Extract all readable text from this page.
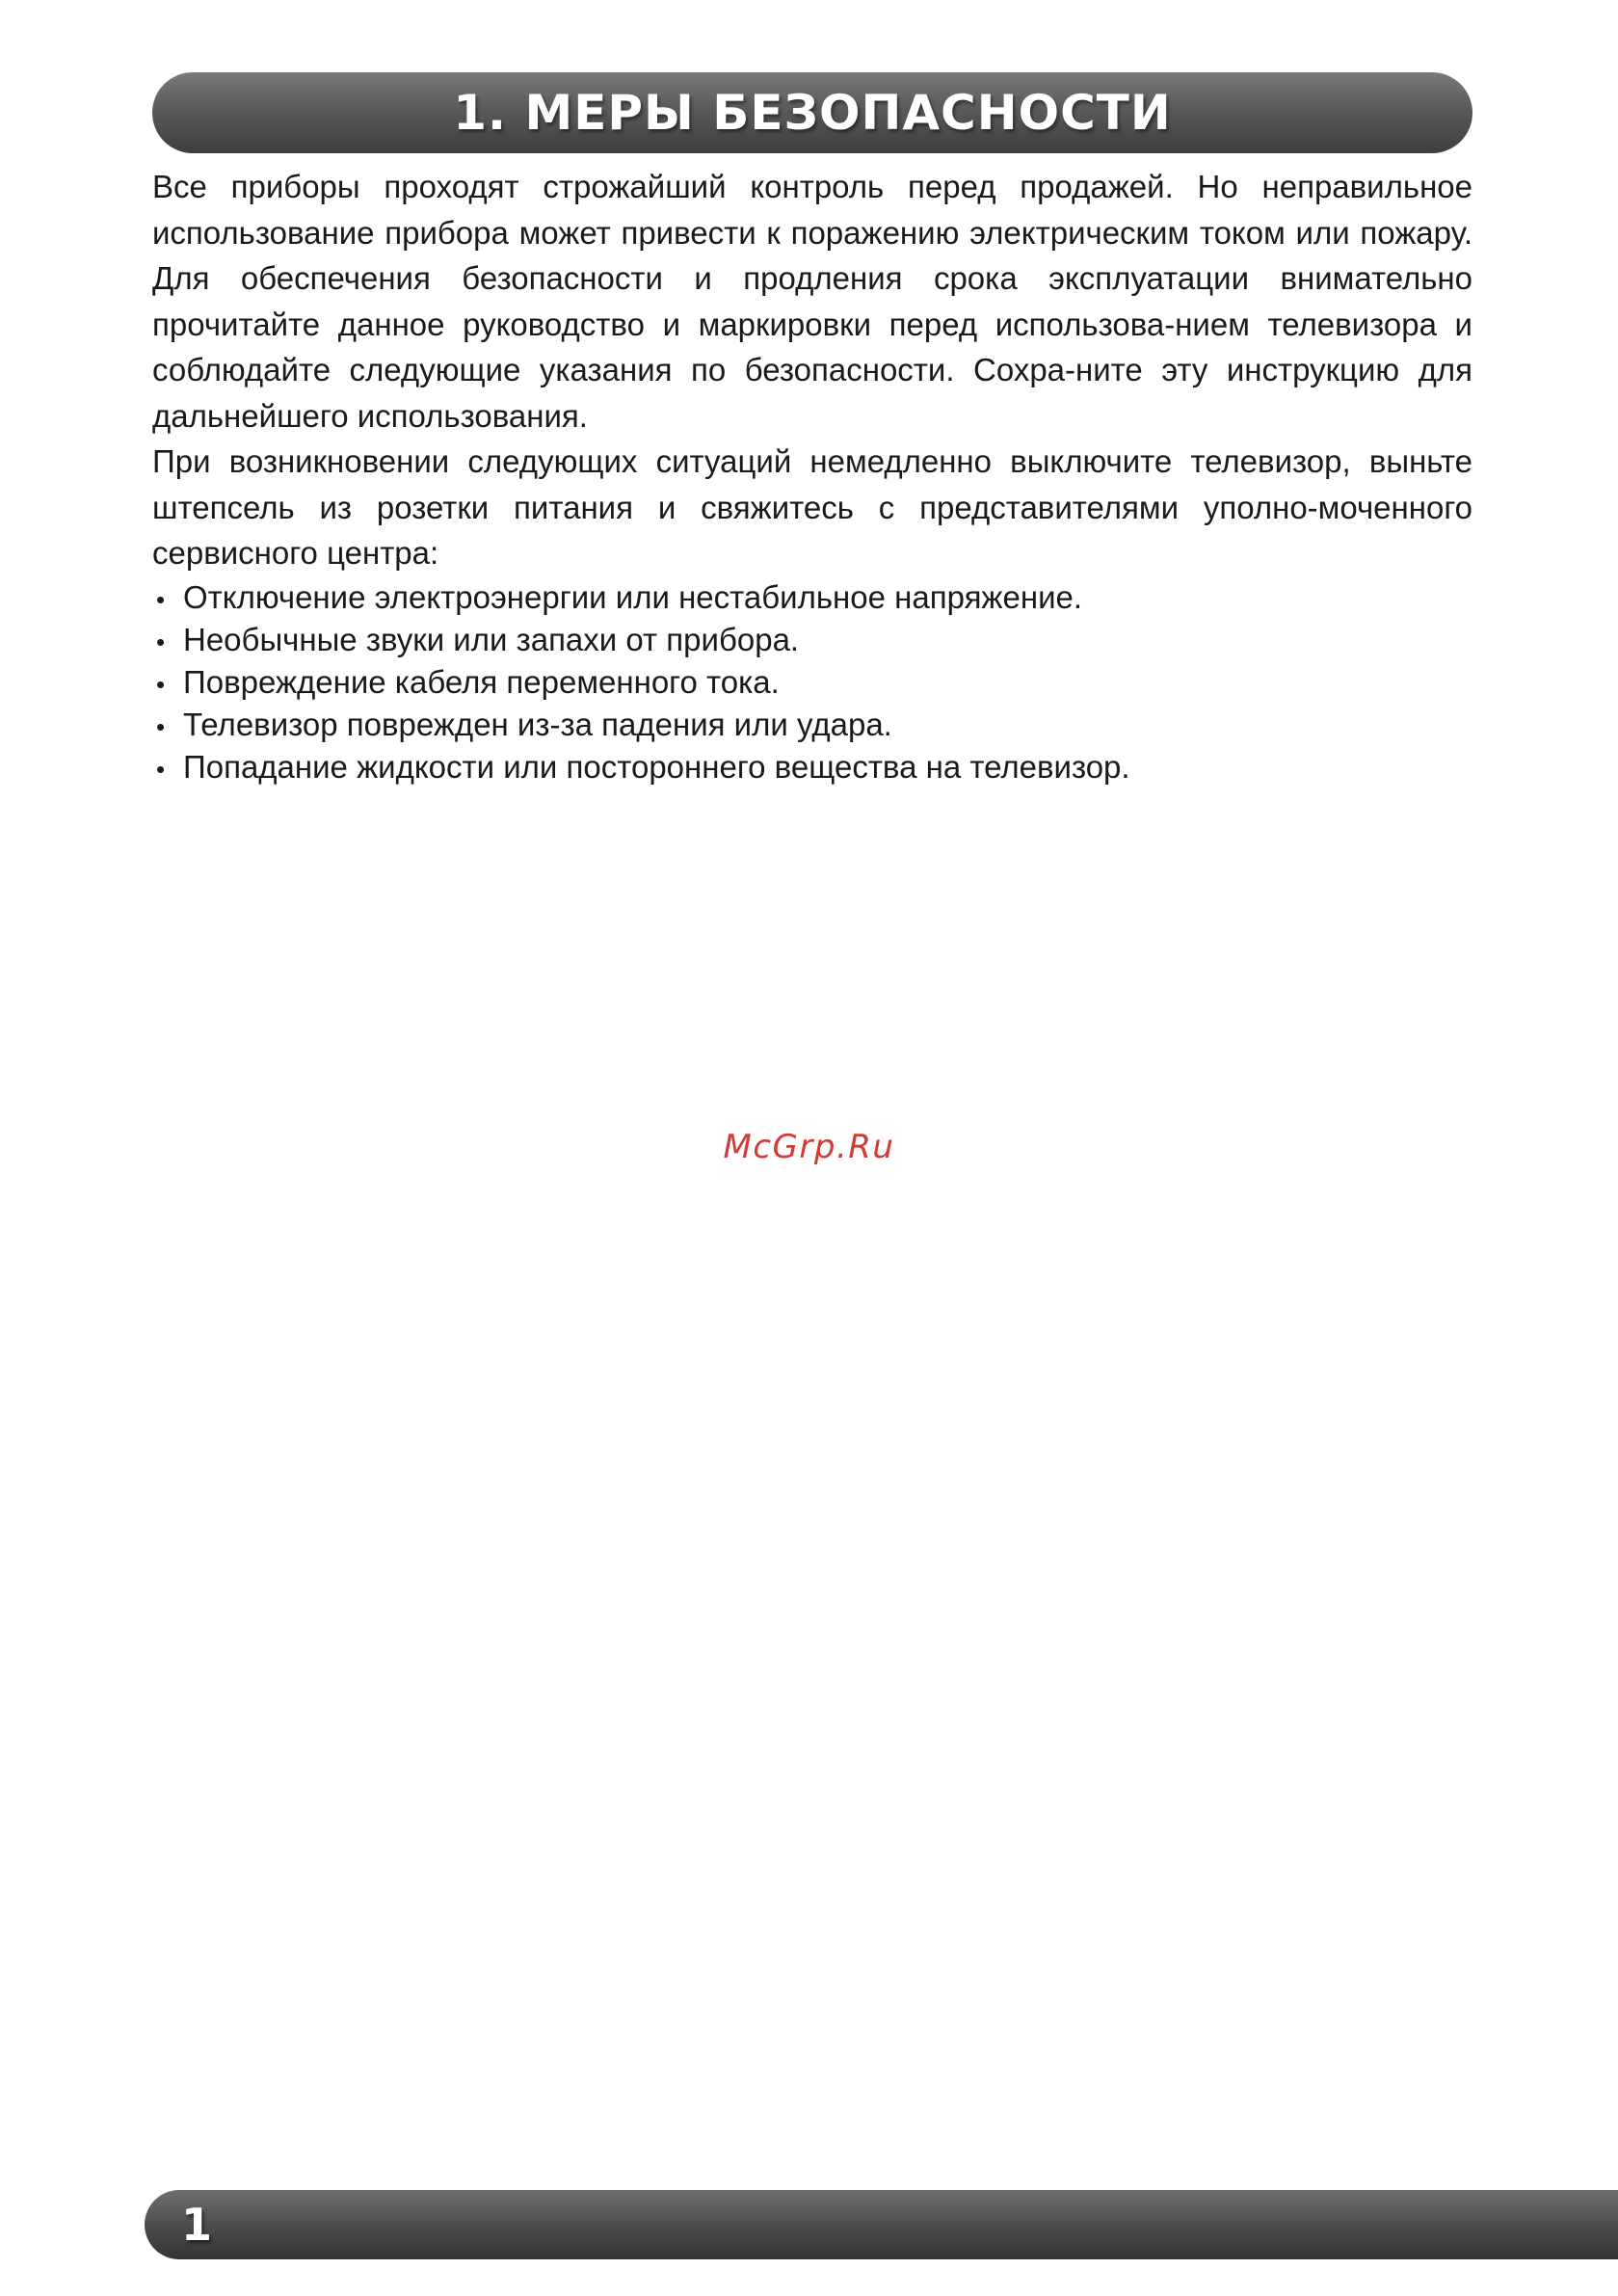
1. МЕРЫ БЕЗОПАСНОСТИ

Все приборы проходят строжайший контроль перед продажей. Но неправильное использование прибора может привести к поражению электрическим током или пожару. Для обеспечения безопасности и продления срока эксплуатации внимательно прочитайте данное руководство и маркировки перед использова-нием телевизора и соблюдайте следующие указания по безопасности. Сохра-ните эту инструкцию для дальнейшего использования.

При возникновении следующих ситуаций немедленно выключите телевизор, выньте штепсель из розетки питания и свяжитесь с представителями уполно-моченного сервисного центра:

• Отключение электроэнергии или нестабильное напряжение.
• Необычные звуки или запахи от прибора.
• Повреждение кабеля переменного тока.
• Телевизор поврежден из-за падения или удара.
• Попадание жидкости или постороннего вещества на телевизор.
McGrp.Ru
1
